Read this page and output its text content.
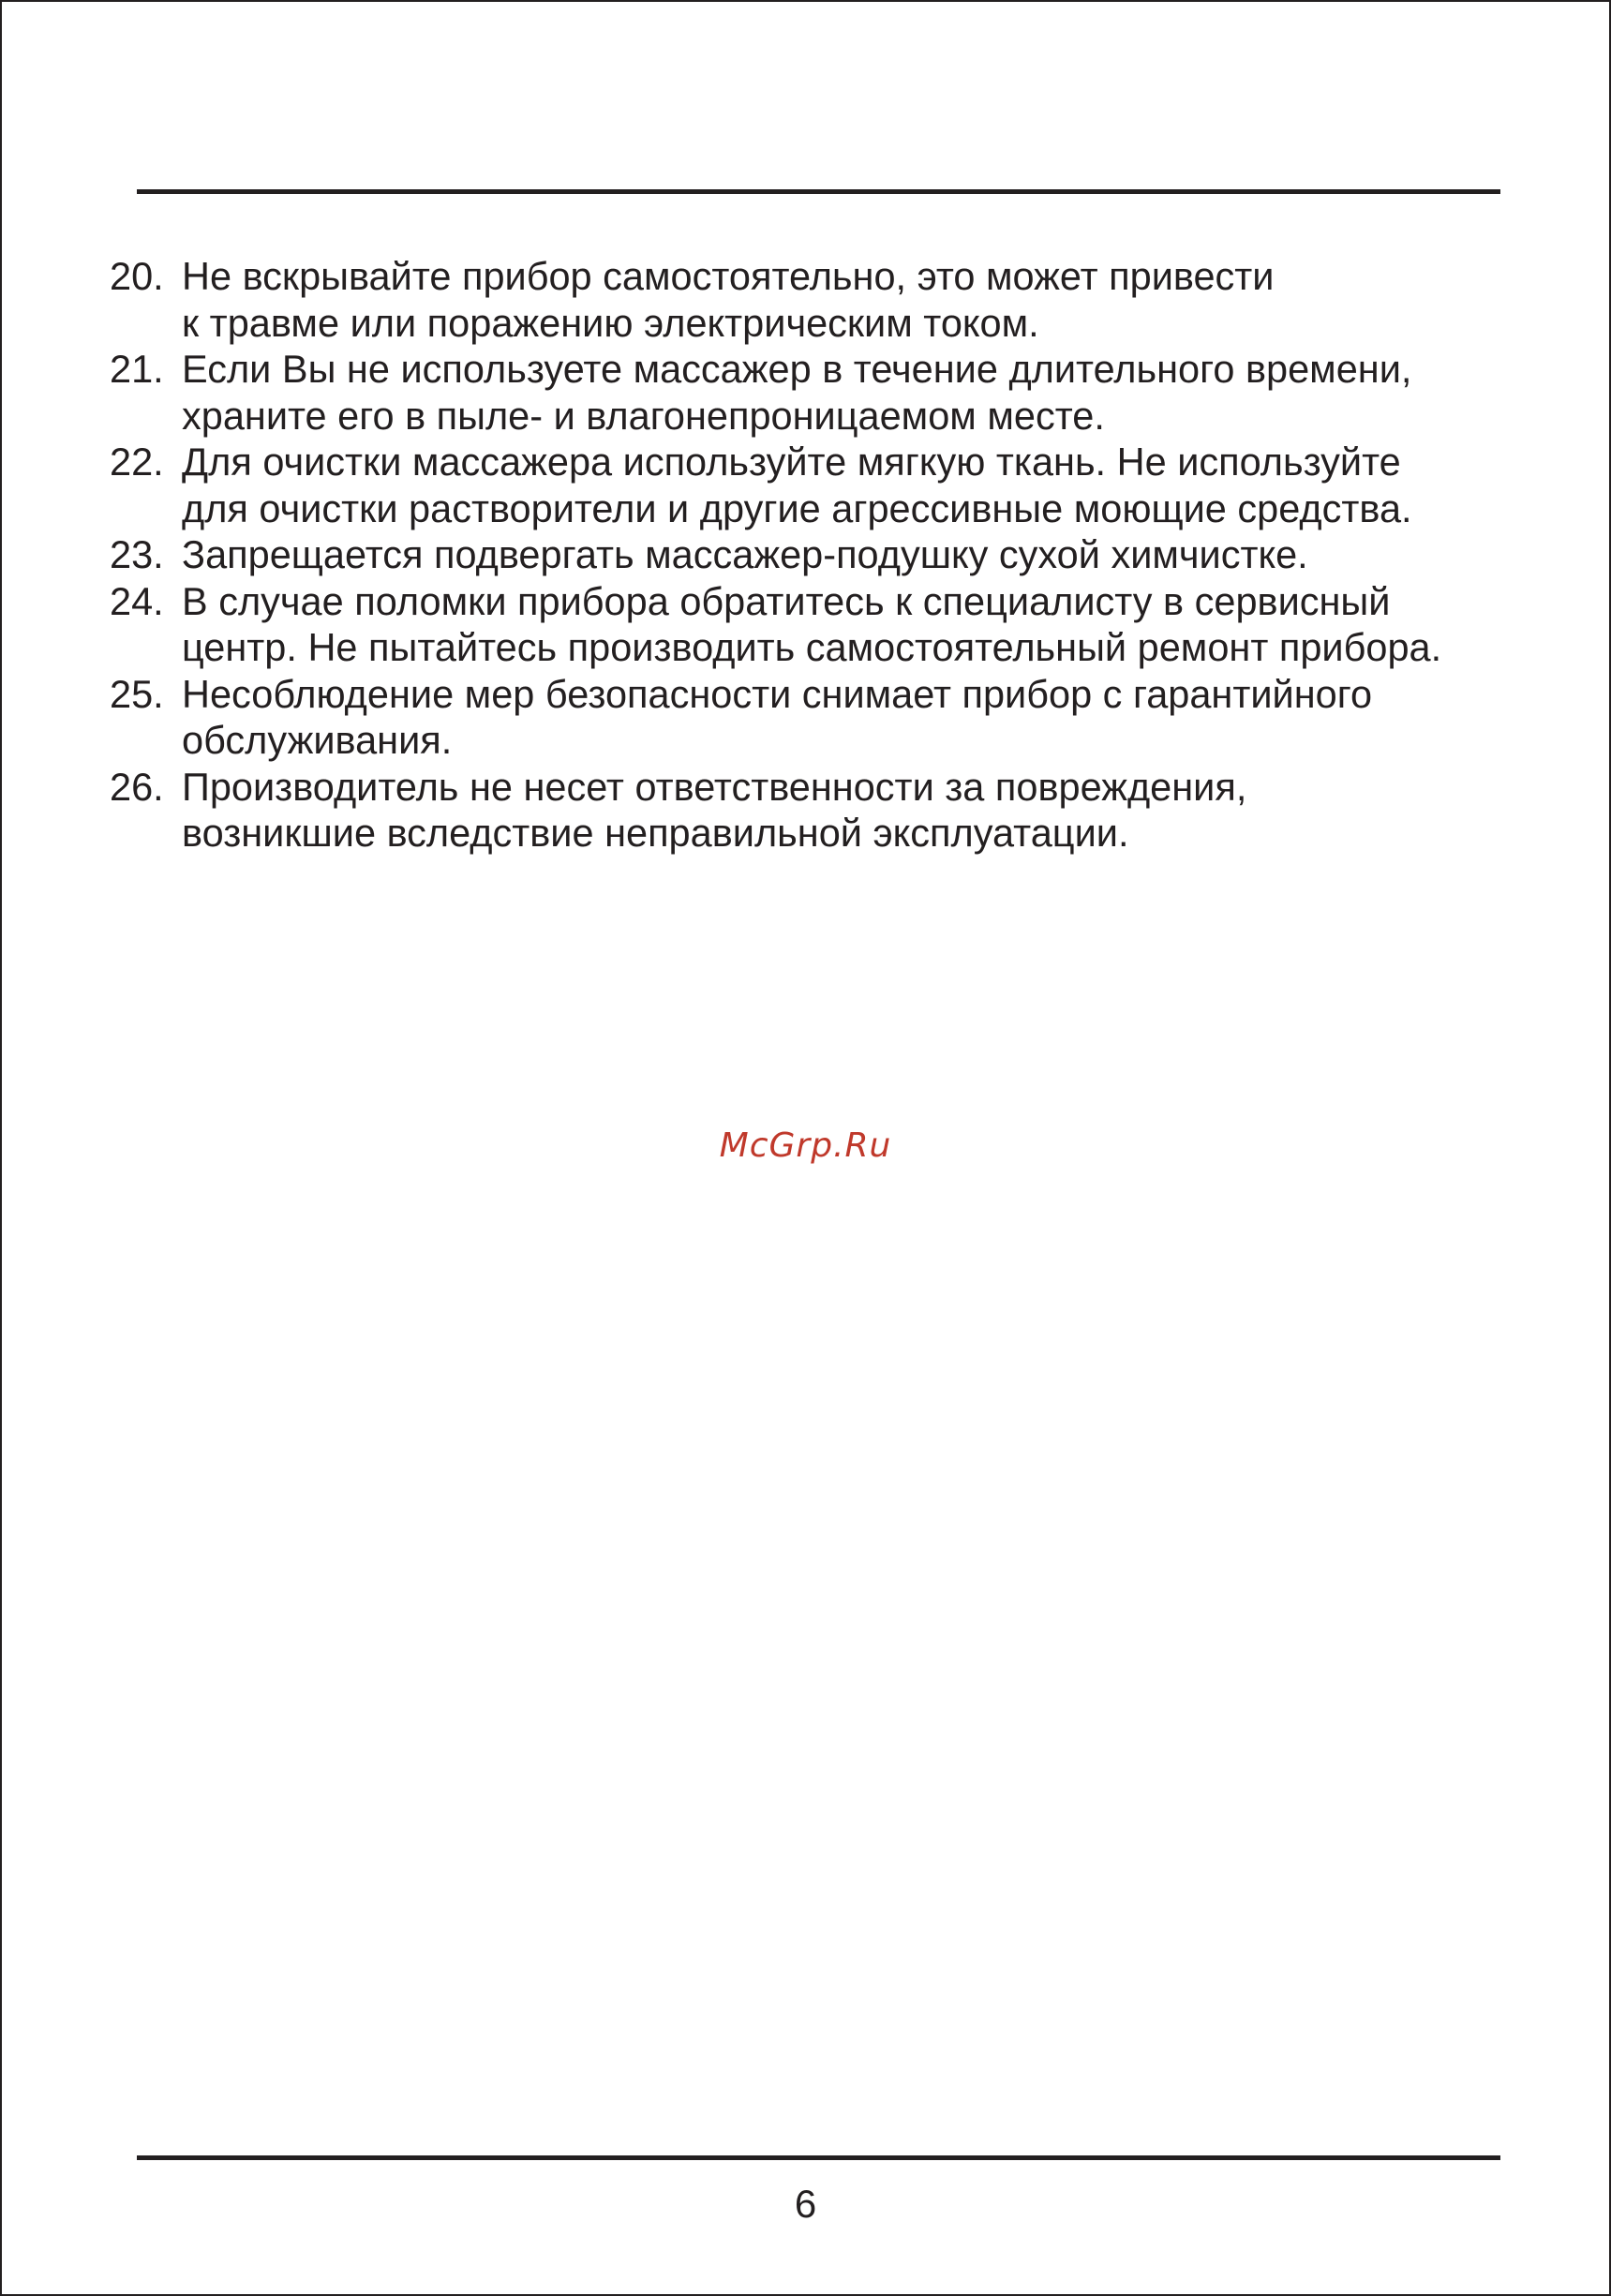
20. Не вскрывайте прибор самостоятельно, это может привести
к травме или поражению электрическим током.
21. Если Вы не используете массажер в течение длительного времени,
храните его в пыле- и влагонепроницаемом месте.
22. Для очистки массажера используйте мягкую ткань. Не используйте
для очистки растворители и другие агрессивные моющие средства.
23. Запрещается подвергать массажер-подушку сухой химчистке.
24. В случае поломки прибора обратитесь к специалисту в сервисный
центр. Не пытайтесь производить самостоятельный ремонт прибора.
25. Несоблюдение мер безопасности снимает прибор с гарантийного
обслуживания.
26. Производитель не несет ответственности за повреждения,
возникшие вследствие неправильной эксплуатации.
McGrp.Ru
6
